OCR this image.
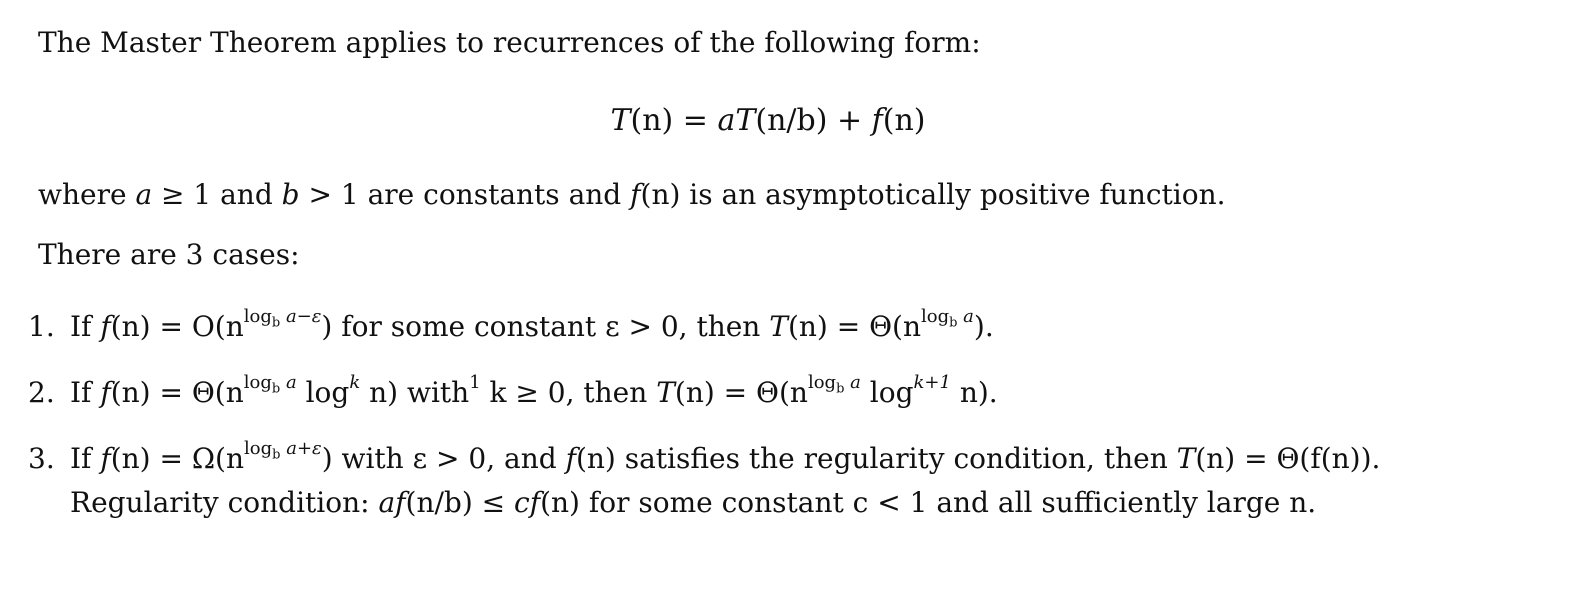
The Master Theorem applies to recurrences of the following form:
T(n) = aT(n/b) + f(n)
where a ≥ 1 and b > 1 are constants and f(n) is an asymptotically positive function.
There are 3 cases:
1. If $f(n) = O(n^{log_b a-\varepsilon})$ for some constant ε > 0, then $T(n) = \Theta(n^{log_b a})$.
2. If $f(n) = \Theta(n^{log_b a}$ $\log^k n$) with$^1$ k ≥ 0, then $T(n) = \Theta(n^{log_b a}$ $\log^{k+1} n$).
3. If $f(n) = \Omega(n^{log_b a+\varepsilon})$ with ε > 0, and f(n) satisfies the regularity condition, then T(n) = Θ(f(n)).
Regularity condition: af(n/b) ≤ cf(n) for some constant c < 1 and all sufficiently large n.
